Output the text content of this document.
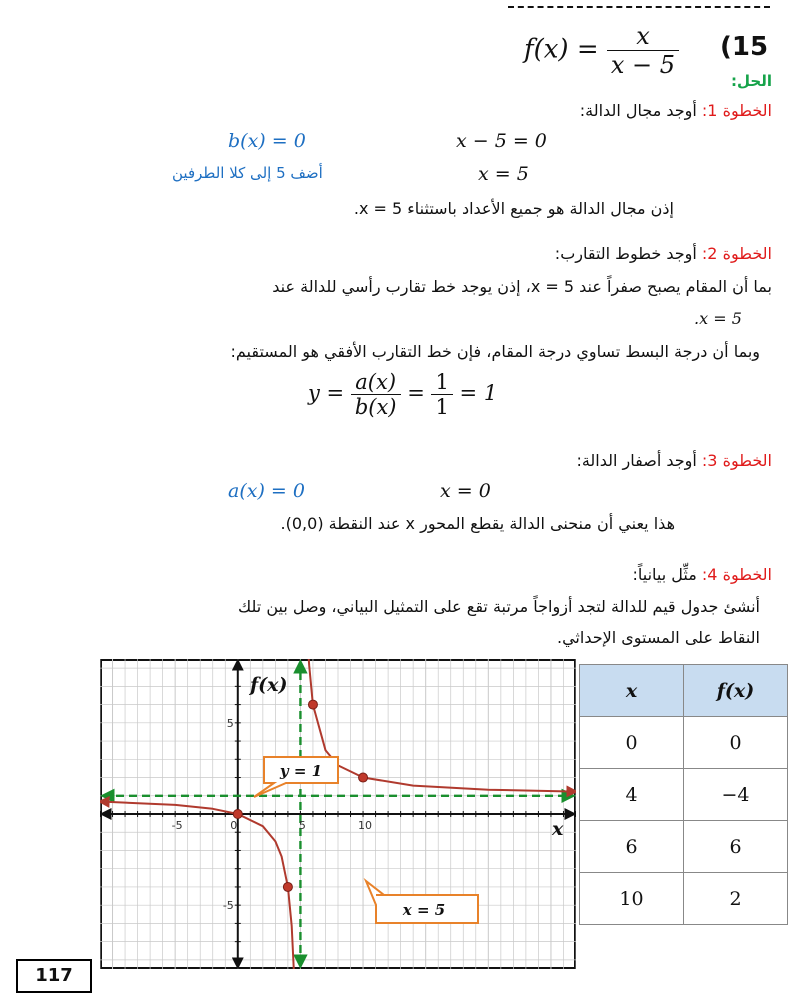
$f(x) = \frac{x}{x - 5} (15$
الحل:
الخطوة 1: أوجد مجال الدالة:
b(x) = 0	x − 5 = 0
أضف 5 إلى كلا الطرفين	x = 5
إذن مجال الدالة هو جميع الأعداد باستثناء 5 = x.
الخطوة 2: أوجد خطوط التقارب:
بما أن المقام يصبح صفراً عند 5 = x، إذن يوجد خط تقارب رأسي للدالة عند
.x = 5
وبما أن درجة البسط تساوي درجة المقام، فإن خط التقارب الأفقي هو المستقيم:
$y = \frac{a(x)}{b(x)} = \frac{1}{1} = 1$
الخطوة 3: أوجد أصفار الدالة:
a(x) = 0	x = 0
هذا يعني أن منحنى الدالة يقطع المحور x عند النقطة (0,0).
الخطوة 4: مثِّل بيانياً:
أنشئ جدول قيم للدالة لتجد أزواجاً مرتبة تقع على التمثيل البياني، وصل بين تلك
النقاط على المستوى الإحداثي.
-5	0	5	10
5
-5
f(x)
x
y = 1
x = 5
x	f(x)
0	0
4	−4
6	6
10	2
117
